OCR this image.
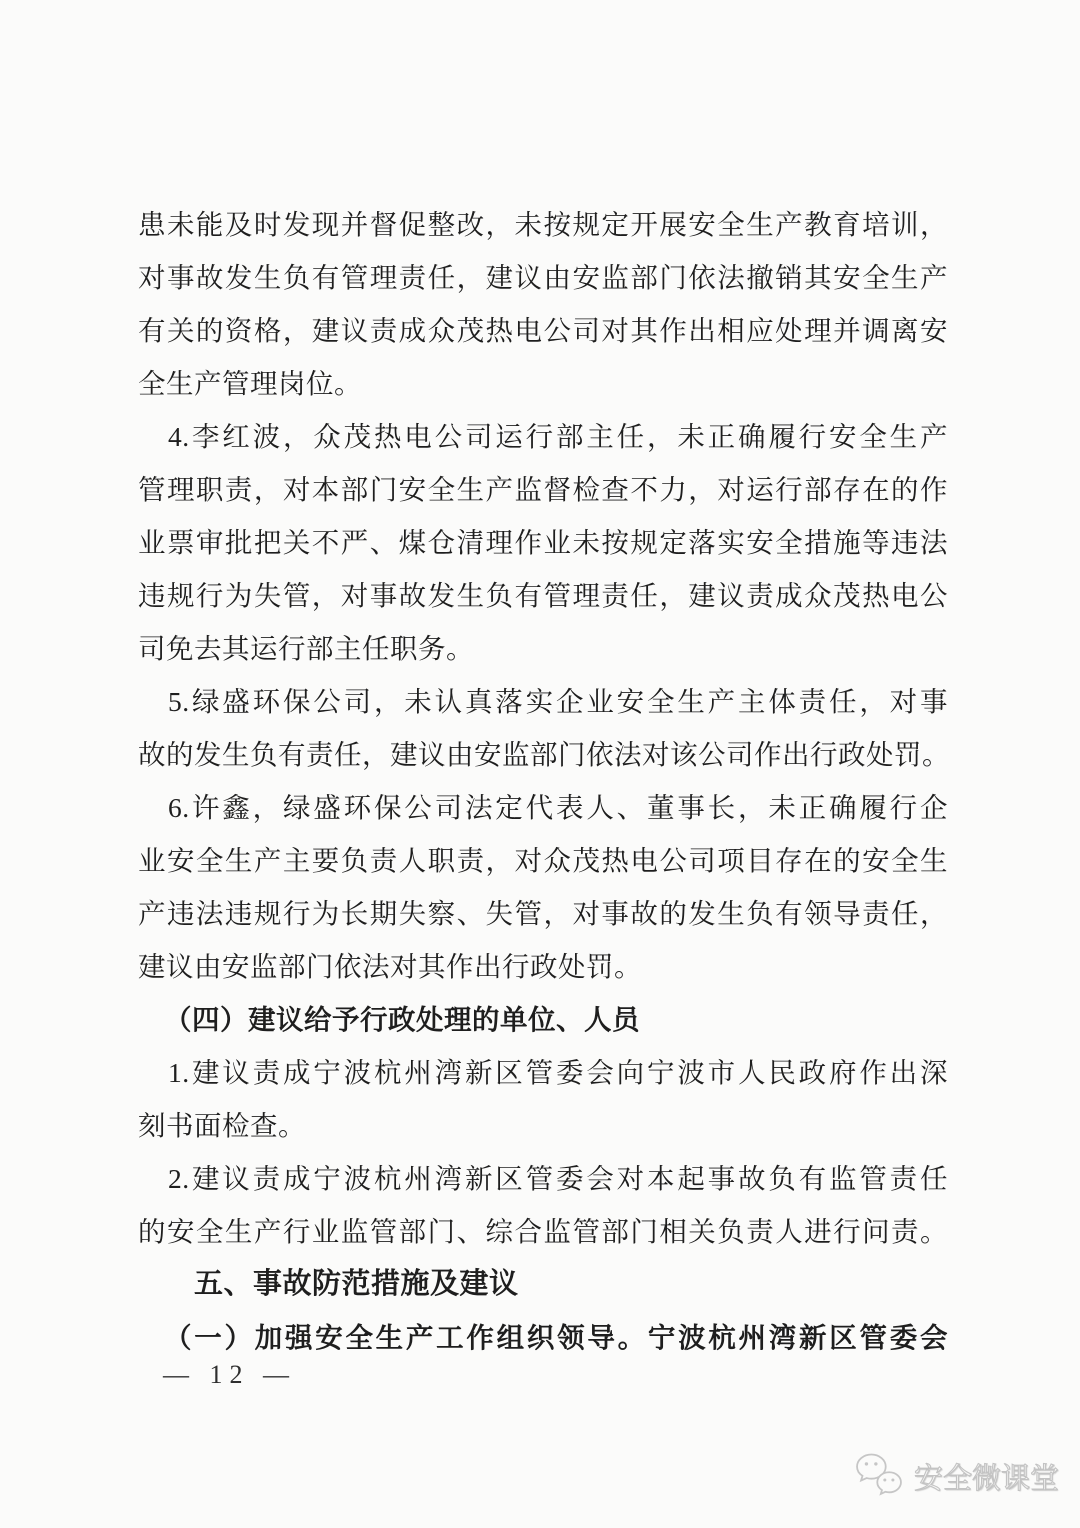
患未能及时发现并督促整改，未按规定开展安全生产教育培训，
对事故发生负有管理责任，建议由安监部门依法撤销其安全生产
有关的资格，建议责成众茂热电公司对其作出相应处理并调离安
全生产管理岗位。
4.李红波，众茂热电公司运行部主任，未正确履行安全生产
管理职责，对本部门安全生产监督检查不力，对运行部存在的作
业票审批把关不严、煤仓清理作业未按规定落实安全措施等违法
违规行为失管，对事故发生负有管理责任，建议责成众茂热电公
司免去其运行部主任职务。
5.绿盛环保公司，未认真落实企业安全生产主体责任，对事
故的发生负有责任，建议由安监部门依法对该公司作出行政处罚。
6.许鑫，绿盛环保公司法定代表人、董事长，未正确履行企
业安全生产主要负责人职责，对众茂热电公司项目存在的安全生
产违法违规行为长期失察、失管，对事故的发生负有领导责任，
建议由安监部门依法对其作出行政处罚。
（四）建议给予行政处理的单位、人员
1.建议责成宁波杭州湾新区管委会向宁波市人民政府作出深
刻书面检查。
2.建议责成宁波杭州湾新区管委会对本起事故负有监管责任
的安全生产行业监管部门、综合监管部门相关负责人进行问责。
五、事故防范措施及建议
（一）加强安全生产工作组织领导。宁波杭州湾新区管委会
— 12 —
安全微课堂
